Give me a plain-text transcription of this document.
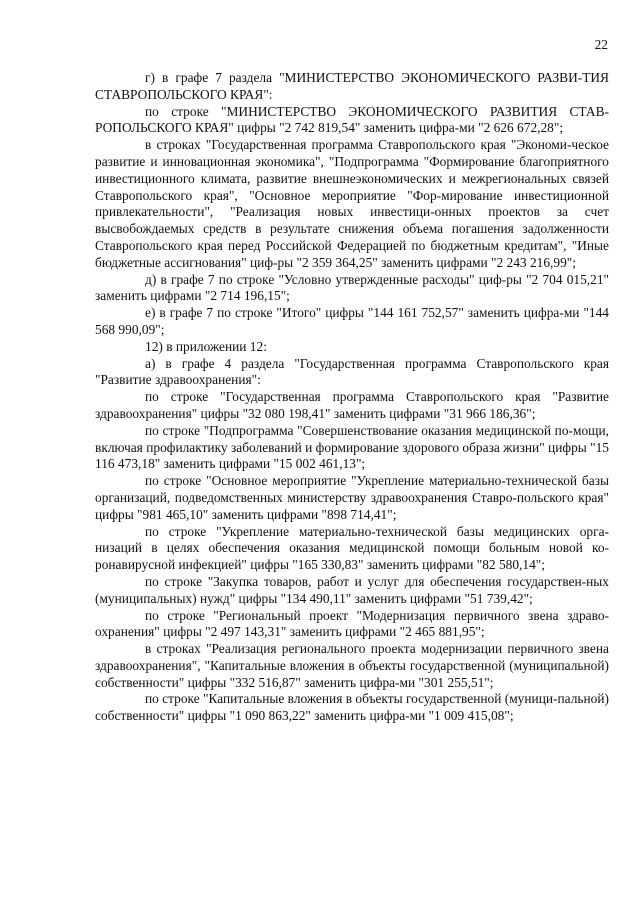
22

г) в графе 7 раздела "МИНИСТЕРСТВО ЭКОНОМИЧЕСКОГО РАЗВИ-ТИЯ СТАВРОПОЛЬСКОГО КРАЯ":

по строке "МИНИСТЕРСТВО ЭКОНОМИЧЕСКОГО РАЗВИТИЯ СТАВ-РОПОЛЬСКОГО КРАЯ" цифры "2 742 819,54" заменить цифра-ми "2 626 672,28";

в строках "Государственная программа Ставропольского края "Экономи-ческое развитие и инновационная экономика", "Подпрограмма "Формирование благоприятного инвестиционного климата, развитие внешнеэкономических и межрегиональных связей Ставропольского края", "Основное мероприятие "Фор-мирование инвестиционной привлекательности", "Реализация новых инвестици-онных проектов за счет высвобождаемых средств в результате снижения объема погашения задолженности Ставропольского края перед Российской Федерацией по бюджетным кредитам", "Иные бюджетные ассигнования" циф-ры "2 359 364,25" заменить цифрами "2 243 216,99";

д) в графе 7 по строке "Условно утвержденные расходы" циф-ры "2 704 015,21" заменить цифрами "2 714 196,15";

е) в графе 7 по строке "Итого" цифры "144 161 752,57" заменить цифра-ми "144 568 990,09";

12) в приложении 12:

а) в графе 4 раздела "Государственная программа Ставропольского края "Развитие здравоохранения":

по строке "Государственная программа Ставропольского края "Развитие здравоохранения" цифры "32 080 198,41" заменить цифрами "31 966 186,36";

по строке "Подпрограмма "Совершенствование оказания медицинской по-мощи, включая профилактику заболеваний и формирование здорового образа жизни" цифры "15 116 473,18" заменить цифрами "15 002 461,13";

по строке "Основное мероприятие "Укрепление материально-технической базы организаций, подведомственных министерству здравоохранения Ставро-польского края" цифры "981 465,10" заменить цифрами "898 714,41";

по строке "Укрепление материально-технической базы медицинских орга-низаций в целях обеспечения оказания медицинской помощи больным новой ко-ронавирусной инфекцией" цифры "165 330,83" заменить цифрами "82 580,14";

по строке "Закупка товаров, работ и услуг для обеспечения государствен-ных (муниципальных) нужд" цифры "134 490,11" заменить цифрами "51 739,42";

по строке "Региональный проект "Модернизация первичного звена здраво-охранения" цифры "2 497 143,31" заменить цифрами "2 465 881,95";

в строках "Реализация регионального проекта модернизации первичного звена здравоохранения", "Капитальные вложения в объекты государственной (муниципальной) собственности" цифры "332 516,87" заменить цифра-ми "301 255,51";

по строке "Капитальные вложения в объекты государственной (муници-пальной) собственности" цифры "1 090 863,22" заменить цифра-ми "1 009 415,08";
